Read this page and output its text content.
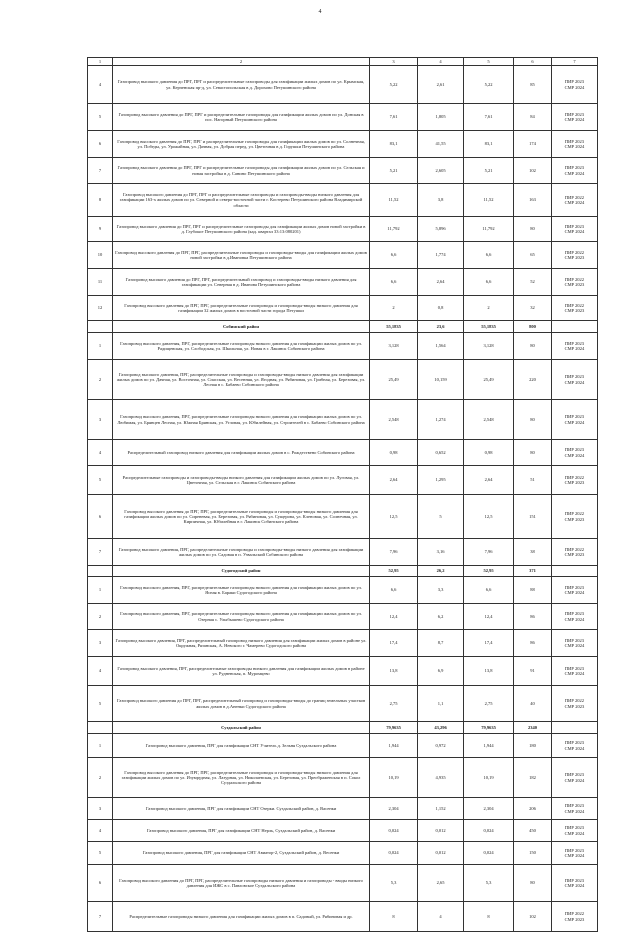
4
1	2	3	4	5	6	7
4	Газопровод высокого давления до ПРГ, ПРГ и распределительные газопроводы для газификации жилых домов по ул. Крымская, ул. Керченская пр-д, ул. Севастопольская в д. Дорохово Петушинского района	5,22	2,61	5,22	85	ПИР 2023
СМР 2024
5	Газопровод высокого давления до ПРГ, ПРГ и распределительные газопроводы для газификации жилых домов по ул. Донская в пос. Нагорный Петушинского района	7,61	1,805	7,61	84	ПИР 2023
СМР 2024
6	Газопровод высокого давления до ПРГ, ПРГ и распределительные газопроводы для газификации жилых домов по ул. Солнечная, ул. Победы, ул. Урожайная, ул. Дачная, ул. Добрая перед, ул. Цветочная в д. Горушки Петушинского района	83,1	41,55	83,1	174	ПИР 2023
СМР 2024
7	Газопровод высокого давления до ПРГ, ПРГ и распределительные газопроводы для газификации жилых домов по ул. Сельская и новая застройка в д. Санино Петушинского района	5,21	2,605	5,21	102	ПИР 2023
СМР 2024
8	Газопровод высокого давления до ПРГ, ПРГ и распределительные газопроводы и газопроводы-вводы низкого давления для газификации 163-х жилых домов по ул. Северной и северо-восточной части г. Костерево Петушинского района Владимирской области	11,52	3,8	11,52	163	ПИР 2022
СМР 2024
9	Газопровод высокого давления до ПРГ, ПРГ и распределительные газопроводы для газификации жилых домов новой застройки в д. Глубокое Петушинского района (кад. квартал 33:13:080201)	11,792	5,896	11,792	80	ПИР 2023
СМР 2024
10	Газопровод высокого давления до ПРГ, ПРГ, распределительные газопроводы и газопроводы-вводы для газификации жилых домов новой застройки в д.Ивановка Петушинского района	6,6	1,774	6,6	65	ПИР 2022
СМР 2023
11	Газопровод высокого давления до ПРГ, ПРГ, распределительный газопровод и газопроводы-вводы низкого давления для газификации ул. Северная в д. Иванова Петушинского района	6,6	2,64	6,6	52	ПИР 2022
СМР 2023
12	Газопровод высокого давления до ПРГ, ПРГ, распределительные газопроводы и газопроводы-вводы низкого давления для газификации 32 жилых домов в восточной части города Петушки	2	0,8	2	32	ПИР 2022
СМР 2023
	Собинский район	55,1835	23,6	55,1835	800	
1	Газопровод высокого давления, ПРГ, распределительные газопроводы низкого давления для газификации жилых домов по ул. Радищевская, ул. Слободская, ул. Школьная, ул. Новая в г. Лакинск Собинского района	3,128	1,564	3,128	80	ПИР 2023
СМР 2024
2	Газопровод высокого давления, ПРГ, распределительные газопроводы и газопроводы-вводы низкого давления для газификации жилых домов по ул. Дачная, ул. Восточная, ул. Спасская, ул. Весенняя, ул. Ягодная, ул. Рябиновая, ул. Грибная, ул. Березовая, ул. Лесная в с. Бабаево Собинского района	25,49	10,159	25,49	220	ПИР 2023
СМР 2024
3	Газопровод высокого давления, ПРГ, распределительные газопроводы низкого давления для газификации жилых домов по ул. Любимая, ул. Брянцев Лесная, ул. Южная Брянская, ул. Угловая, ул. Юбилейная, ул. Строителей в с. Бабаево Собинского района	2,548	1,274	2,548	80	ПИР 2023
СМР 2024
4	Распределительный газопровод низкого давления для газификации жилых домов в с. Рождествено Собинского района	0,98	0,652	0,98	80	ПИР 2023
СМР 2024
5	Распределительные газопроводы и газопроводы-вводы низкого давления для газификации жилых домов по ул. Луговая, ул. Цветочная, ул. Сельская в г. Лакинск Собинского района	2,64	1,295	2,64	51	ПИР 2022
СМР 2023
6	Газопровод высокого давления до ПРГ, ПРГ, распределительные газопроводы и газопроводы-вводы низкого давления для газификации жилых домов по ул. Сиреневая, ул. Березовая, ул. Рябиновая, ул. Сущерова, ул. Кленовая, ул. Солнечная, ул. Кирпичная, ул. Юбилейная в г. Лакинск Собинского района	12,5	5	12,5	151	ПИР 2022
СМР 2023
7	Газопровод высокого давления, ПРГ, распределительные газопроводы и газопроводы-вводы низкого давления для газификации жилых домов по ул. Садовая в п. Узвальский Собинского района	7,96	3,16	7,96	38	ПИР 2022
СМР 2023
	Судогодский район	52,95	26,2	52,95	371	
1	Газопровод высокого давления, ПРГ, распределительные газопроводы низкого давления для газификации жилых домов по ул. Ясная в. Бараки Судогодского района	6,6	3,3	6,6	88	ПИР 2023
СМР 2024
2	Газопровод высокого давления, ПРГ, распределительные газопроводы низкого давления для газификации жилых домов по ул. Озерная с. Улыбышево Судогодского района	12,4	6,2	12,4	86	ПИР 2023
СМР 2024
3	Газопровод высокого давления, ПРГ, распределительный газопровод низкого давления для газификации жилых домов в районе ул. Окружная, Рязанская, А. Невского г. Чамерево Судогодского района	17,4	8,7	17,4	86	ПИР 2023
СМР 2024
4	Газопровод высокого давления, ПРГ, распределительные газопроводы низкого давления для газификации жилых домов в районе ул. Рудненская, п. Муромцево	13,8	6,9	13,8	91	ПИР 2023
СМР 2024
5	Газопровод высокого давления до ПРГ, ПРГ, распределительный газопровод и газопроводы-вводы до границ земельных участков жилых домов в д.Аненки Судогодского района	2,75	1,1	2,75	40	ПИР 2022
СМР 2023
	Суздальский район	79,9635	43,296	79,9635	2340	
1	Газопровод высокого давления, ПРГ для газификации СНТ Учитель д. Зельня Суздальского района	1,944	0,972	1,944	180	ПИР 2023
СМР 2024
2	Газопровод высокого давления до ПРГ, ПРГ, распределительные газопроводы и газопроводы-вводы низкого давления для газификации жилых домов по ул. Изумрудная, ул. Лазурная, ул. Николаевская, ул. Березовая, ул. Преображенская в п. Сокол Суздальского района	10,19	4,935	10,19	182	ПИР 2023
СМР 2024
3	Газопровод высокого давления, ПРГ для газификации СНТ Озерки. Суздальский район, д. Васенки	2,304	1,152	2,304	206	ПИР 2023
СМР 2024
4	Газопровод высокого давления, ПРГ для газификации СНТ Нерль, Суздальский район, д. Васенки	0,024	0,012	0,024	450	ПИР 2023
СМР 2024
5	Газопровод высокого давления, ПРГ для газификации СНТ Авиатор-2, Суздальский район, д. Весенки	0,024	0,012	0,024	150	ПИР 2023
СМР 2024
6	Газопровод высокого давления до ПРГ, ПРГ, распределительные газопроводы низкого давления и газопроводы - вводы низкого давления для ИЖС в с. Павловское Суздальского района	5,3	2,65	5,3	80	ПИР 2023
СМР 2024
7	Распределительные газопроводы низкого давления для газификации жилых домов в п. Садовый, ул. Рябиновая и др.	8	4	8	102	ПИР 2022
СМР 2023
